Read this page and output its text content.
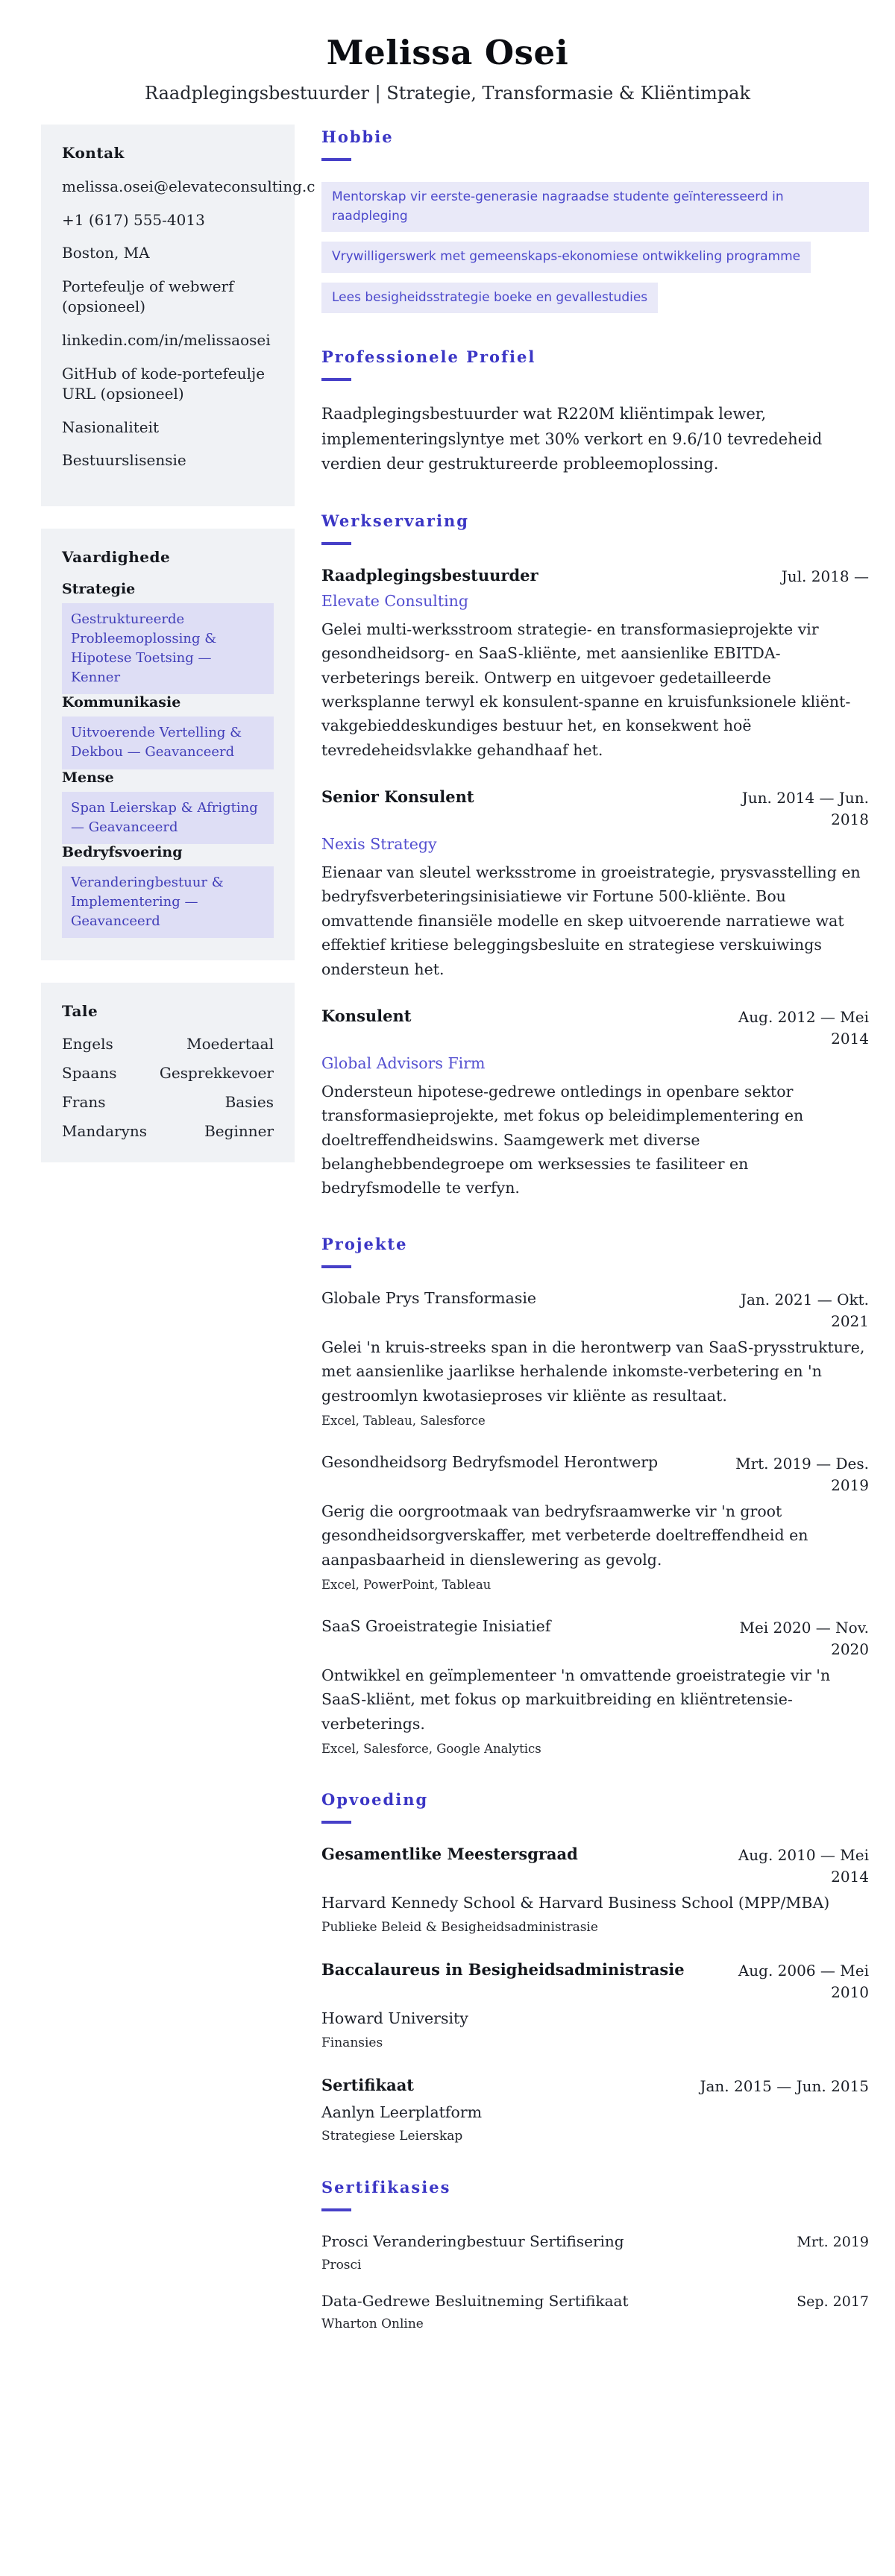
Melissa Osei
Raadplegingsbestuurder | Strategie, Transformasie & Kliëntimpak
Kontak
melissa.osei@elevateconsulting.c
+1 (617) 555-4013
Boston, MA
Portefeulje of webwerf (opsioneel)
linkedin.com/in/melissaosei
GitHub of kode-portefeulje URL (opsioneel)
Nasionaliteit
Bestuurslisensie
Vaardighede
Strategie
Gestruktureerde Probleemoplossing & Hipotese Toetsing — Kenner
Kommunikasie
Uitvoerende Vertelling & Dekbou — Geavanceerd
Mense
Span Leierskap & Afrigting — Geavanceerd
Bedryfsvoering
Veranderingbestuur & Implementering — Geavanceerd
Tale
Engels	Moedertaal
Spaans	Gesprekkevoer
Frans	Basies
Mandaryns	Beginner
Hobbie
Mentorskap vir eerste-generasie nagraadse studente geïnteresseerd in raadpleging
Vrywilligerswerk met gemeenskaps-ekonomiese ontwikkeling programme
Lees besigheidsstrategie boeke en gevallestudies
Professionele Profiel
Raadplegingsbestuurder wat R220M kliëntimpak lewer, implementeringslyntye met 30% verkort en 9.6/10 tevredeheid verdien deur gestruktureerde probleemoplossing.
Werkservaring
Raadplegingsbestuurder	Jul. 2018 —
Elevate Consulting
Gelei multi-werksstroom strategie- en transformasieprojekte vir gesondheidsorg- en SaaS-kliënte, met aansienlike EBITDA-verbeterings bereik. Ontwerp en uitgevoer gedetailleerde werksplanne terwyl ek konsulent-spanne en kruisfunksionele kliënt-vakgebieddeskundiges bestuur het, en konsekwent hoë tevredeheidsvlakke gehandhaaf het.
Senior Konsulent	Jun. 2014 — Jun. 2018
Nexis Strategy
Eienaar van sleutel werksstrome in groeistrategie, prysvasstelling en bedryfsverbeteringsinisiatiewe vir Fortune 500-kliënte. Bou omvattende finansiële modelle en skep uitvoerende narratiewe wat effektief kritiese beleggingsbesluite en strategiese verskuiwings ondersteun het.
Konsulent	Aug. 2012 — Mei 2014
Global Advisors Firm
Ondersteun hipotese-gedrewe ontledings in openbare sektor transformasieprojekte, met fokus op beleidimplementering en doeltreffendheidswins. Saamgewerk met diverse belanghebbendegroepe om werksessies te fasiliteer en bedryfsmodelle te verfyn.
Projekte
Globale Prys Transformasie	Jan. 2021 — Okt. 2021
Gelei 'n kruis-streeks span in die herontwerp van SaaS-prysstrukture, met aansienlike jaarlikse herhalende inkomste-verbetering en 'n gestroomlyn kwotasieproses vir kliënte as resultaat.
Excel, Tableau, Salesforce
Gesondheidsorg Bedryfsmodel Herontwerp	Mrt. 2019 — Des. 2019
Gerig die oorgrootmaak van bedryfsraamwerke vir 'n groot gesondheidsorgverskaffer, met verbeterde doeltreffendheid en aanpasbaarheid in dienslewering as gevolg.
Excel, PowerPoint, Tableau
SaaS Groeistrategie Inisiatief	Mei 2020 — Nov. 2020
Ontwikkel en geïmplementeer 'n omvattende groeistrategie vir 'n SaaS-kliënt, met fokus op markuitbreiding en kliëntretensie-verbeterings.
Excel, Salesforce, Google Analytics
Opvoeding
Gesamentlike Meestersgraad	Aug. 2010 — Mei 2014
Harvard Kennedy School & Harvard Business School (MPP/MBA)
Publieke Beleid & Besigheidsadministrasie
Baccalaureus in Besigheidsadministrasie	Aug. 2006 — Mei 2010
Howard University
Finansies
Sertifikaat	Jan. 2015 — Jun. 2015
Aanlyn Leerplatform
Strategiese Leierskap
Sertifikasies
Prosci Veranderingbestuur Sertifisering	Mrt. 2019
Prosci
Data-Gedrewe Besluitneming Sertifikaat	Sep. 2017
Wharton Online
